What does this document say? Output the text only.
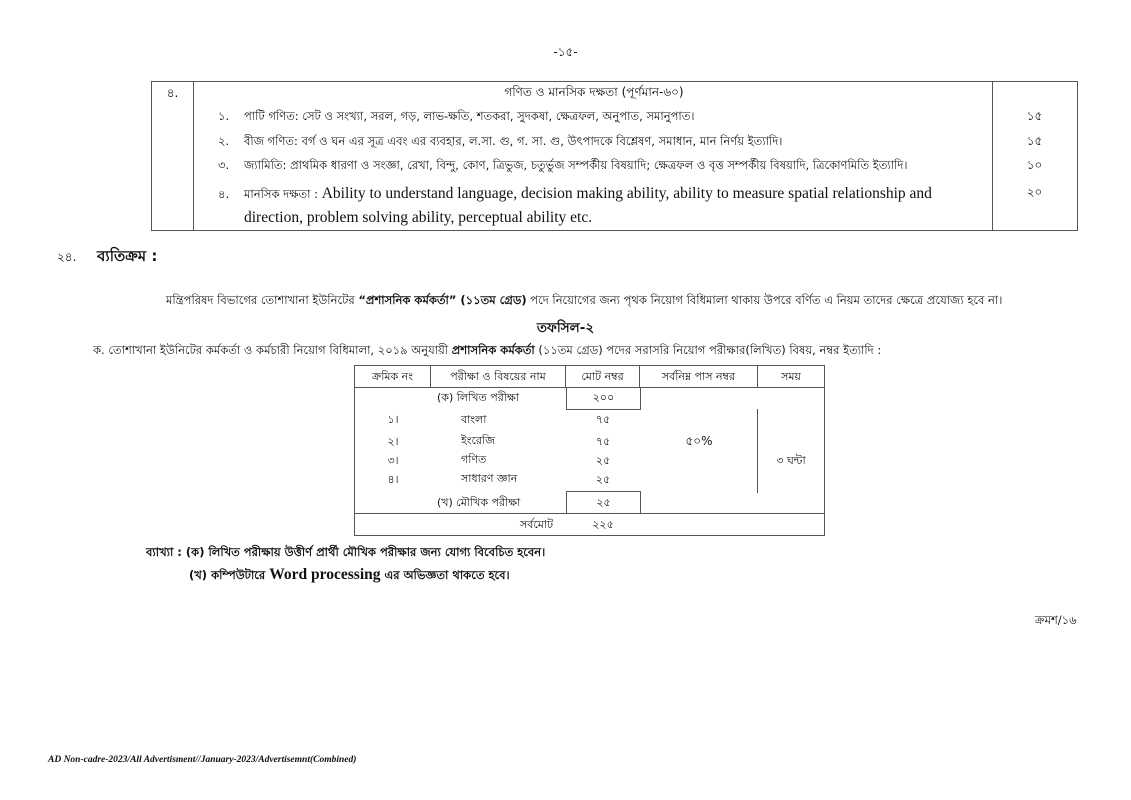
-১৫-
৪.	গণিত ও মানসিক দক্ষতা (পূর্ণমান-৬০)
১. পাটি গণিত: সেট ও সংখ্যা, সরল, গড়, লাভ-ক্ষতি, শতকরা, সুদকষা, ক্ষেত্রফল, অনুপাত, সমানুপাত।	১৫
২. বীজ গণিত: বর্গ ও ঘন এর সূত্র এবং এর ব্যবহার, ল.সা. গু, গ. সা. গু, উৎপাদকে বিশ্লেষণ, সমাধান, মান নির্ণয় ইত্যাদি।	১৫
৩. জ্যামিতি: প্রাথমিক ধারণা ও সংজ্ঞা, রেখা, বিন্দু, কোণ, ত্রিভুজ, চতুর্ভুজ সম্পর্কীয় বিষয়াদি; ক্ষেত্রফল ও বৃত্ত সম্পর্কীয় বিষয়াদি, ত্রিকোণমিতি ইত্যাদি।	১০
৪. মানসিক দক্ষতা : Ability to understand language, decision making ability, ability to measure spatial relationship and
direction, problem solving ability, perceptual ability etc.
২০
২৪. ব্যতিক্রম :
মন্ত্রিপরিষদ বিভাগের তোশাখানা ইউনিটের “প্রশাসনিক কর্মকর্তা” (১১তম গ্রেড) পদে নিয়োগের জন্য পৃথক নিয়োগ বিধিমালা থাকায় উপরে বর্ণিত এ নিয়ম তাদের ক্ষেত্রে প্রযোজ্য হবে না।
তফসিল-২
ক. তোশাখানা ইউনিটের কর্মকর্তা ও কর্মচারী নিয়োগ বিধিমালা, ২০১৯ অনুযায়ী প্রশাসনিক কর্মকর্তা (১১তম গ্রেড) পদের সরাসরি নিয়োগ পরীক্ষার(লিখিত) বিষয়, নম্বর ইত্যাদি :
ক্রমিক নং	পরীক্ষা ও বিষয়ের নাম	মোট নম্বর	সর্বনিম্ন পাস নম্বর	সময়
(ক) লিখিত পরীক্ষা	২০০
১।	বাংলা	৭৫
২।	ইংরেজি	৭৫
৩।	গণিত	২৫
৪।	সাধারণ জ্ঞান	২৫
৫০%
৩ ঘন্টা
(খ) মৌখিক পরীক্ষা	২৫
সর্বমোট	২২৫
ব্যাখ্যা : (ক) লিখিত পরীক্ষায় উত্তীর্ণ প্রার্থী মৌখিক পরীক্ষার জন্য যোগ্য বিবেচিত হবেন।
(খ) কম্পিউটারে Word processing এর অভিজ্ঞতা থাকতে হবে।
ক্রমশ/১৬
AD Non-cadre-2023/All Advertisment//January-2023/Advertisemnt(Combined)
